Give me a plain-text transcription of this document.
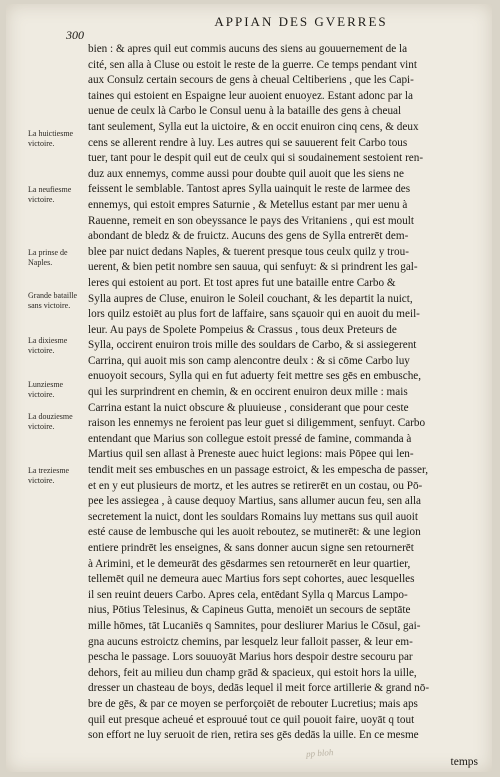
300
APPIAN DES GVERRES
La huictiesme victoire.
La neufiesme victoire.
La prinse de Naples.
Grande bataille sans victoire.
La dixiesme victoire.
Lunziesme victoire.
La douziesme victoire.
La treziesme victoire.
bien : & apres quil eut commis aucuns des siens au gouuernement de la
cité, sen alla à Cluse ou estoit le reste de la guerre. Ce temps pendant vint
aux Consulz certain secours de gens à cheual Celtiberiens , que les Capi-
taines qui estoient en Espaigne leur auoient enuoyez. Estant adonc par la
uenue de ceulx là Carbo le Consul uenu à la bataille des gens à cheual
tant seulement, Sylla eut la uictoire, & en occit enuiron cinq cens, & deux
cens se allerent rendre à luy. Les autres qui se sauuerent feit Carbo tous
tuer, tant pour le despit quil eut de ceulx qui si soudainement sestoient ren-
duz aux ennemys, comme aussi pour doubte quil auoit que les siens ne
feissent le semblable. Tantost apres Sylla uainquit le reste de larmee des
ennemys, qui estoit empres Saturnie , & Metellus estant par mer uenu à
Rauenne, remeit en son obeyssance le pays des Vritaniens , qui est moult
abondant de bledz & de fruictz. Aucuns des gens de Sylla entrerēt dem-
blee par nuict dedans Naples, & tuerent presque tous ceulx quilz y trou-
uerent, & bien petit nombre sen sauua, qui senfuyt: & si prindrent les gal-
leres qui estoient au port. Et tost apres fut une bataille entre Carbo &
Sylla aupres de Cluse, enuiron le Soleil couchant, & les departit la nuict,
lors quilz estoiēt au plus fort de laffaire, sans sçauoir qui en auoit du meil-
leur. Au pays de Spolete Pompeius & Crassus , tous deux Preteurs de
Sylla, occirent enuiron trois mille des souldars de Carbo, & si assiegerent
Carrina, qui auoit mis son camp alencontre deulx : & si cōme Carbo luy
enuoyoit secours, Sylla qui en fut aduerty feit mettre ses gēs en embusche,
qui les surprindrent en chemin, & en occirent enuiron deux mille : mais
Carrina estant la nuict obscure & pluuieuse , considerant que pour ceste
raison les ennemys ne feroient pas leur guet si diligemment, senfuyt. Carbo
entendant que Marius son collegue estoit pressé de famine, commanda à
Martius quil sen allast à Preneste auec huict legions: mais Pōpee qui len-
tendit meit ses embusches en un passage estroict, & les empescha de passer,
et en y eut plusieurs de mortz, et les autres se retirerēt en un costau, ou Pō-
pee les assiegea , à cause dequoy Martius, sans allumer aucun feu, sen alla
secretement la nuict, dont les souldars Romains luy mettans sus quil auoit
esté cause de lembusche qui les auoit reboutez, se mutinerēt: & une legion
entiere prindrēt les enseignes, & sans donner aucun signe sen retournerēt
à Arimini, et le demeurāt des gēsdarmes sen retournerēt en leur quartier,
tellemēt quil ne demeura auec Martius fors sept cohortes, auec lesquelles
il sen reuint deuers Carbo. Apres cela, entēdant Sylla q Marcus Lampo-
nius, Pōtius Telesinus, & Capineus Gutta, menoiēt un secours de septāte
mille hōmes, tāt Lucaniēs q Samnites, pour desliurer Marius le Cōsul, gai-
gna aucuns estroictz chemins, par lesquelz leur falloit passer, & leur em-
pescha le passage. Lors souuoyāt Marius hors despoir destre secouru par
dehors, feit au milieu dun champ grād & spacieux, qui estoit hors la uille,
dresser un chasteau de boys, dedās lequel il meit force artillerie & grand nō-
bre de gēs, & par ce moyen se perforçoiēt de rebouter Lucretius; mais aps
quil eut presque acheué et esprouué tout ce quil pouoit faire, uoyāt q tout
son effort ne luy seruoit de rien, retira ses gēs dedās la uille. En ce mesme
temps
pp bloh
